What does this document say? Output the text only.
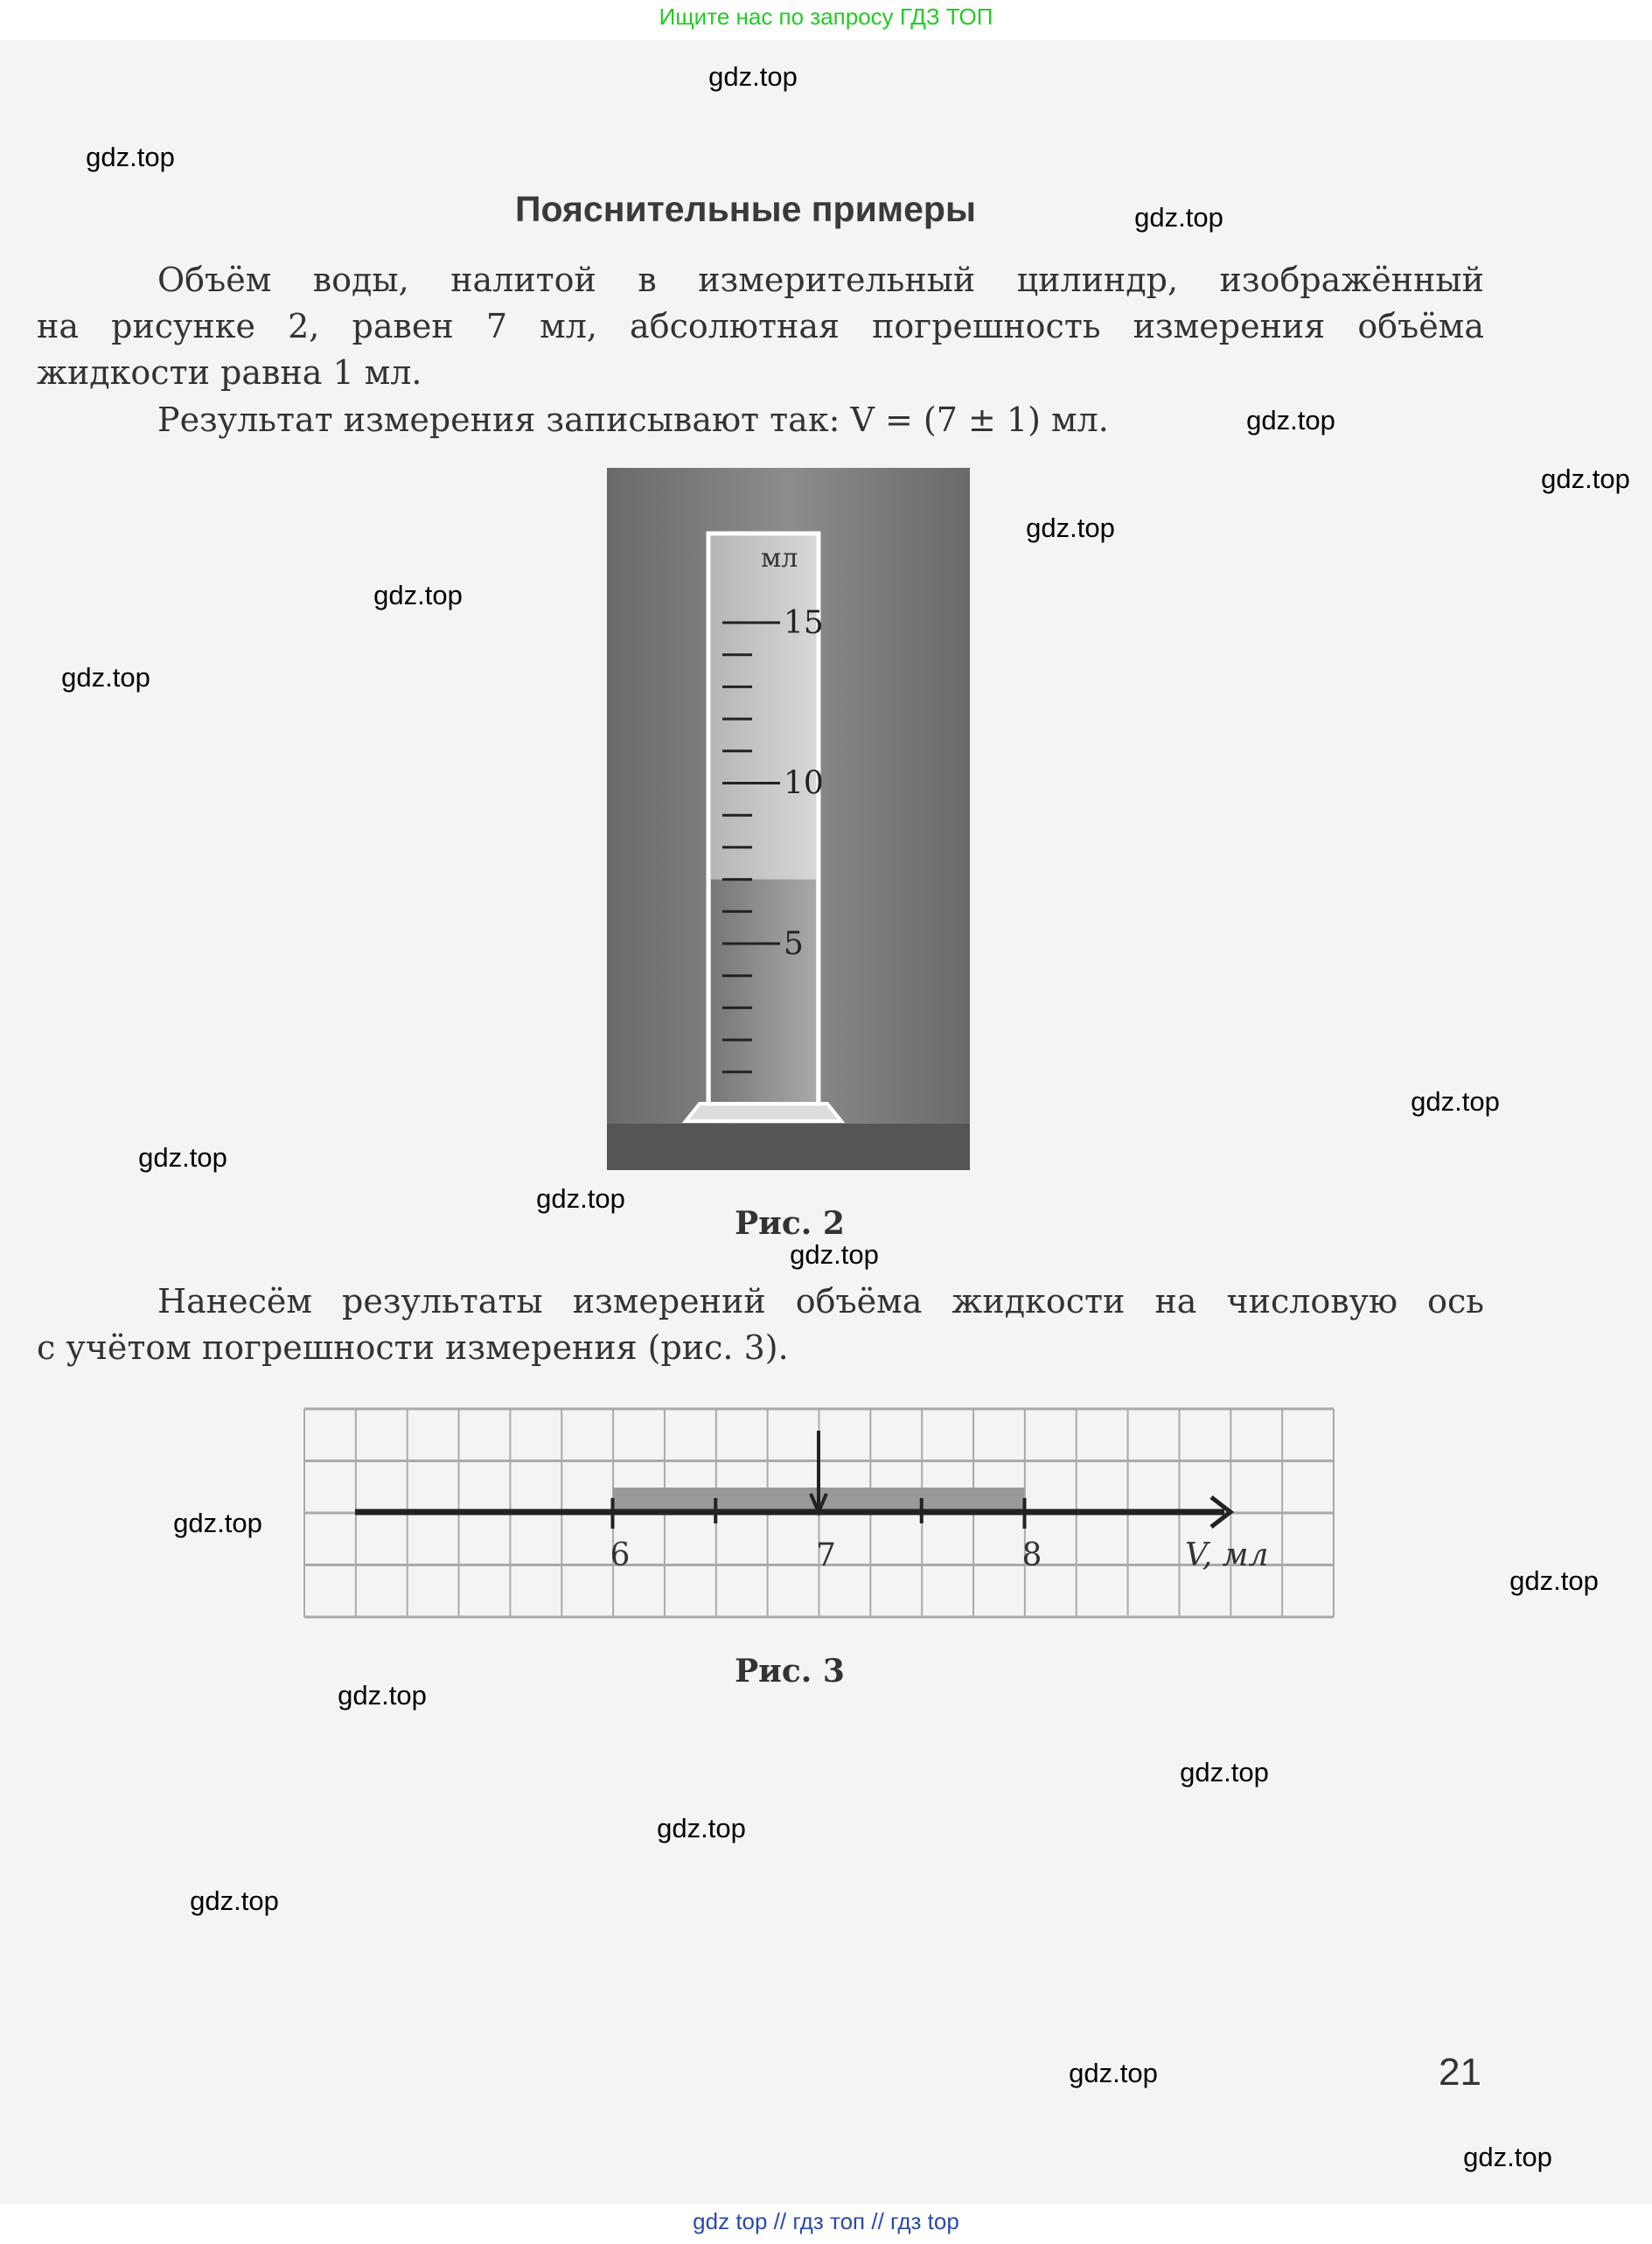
Ищите нас по запросу ГДЗ ТОП
Пояснительные примеры
Объём воды, налитой в измерительный цилиндр, изображённый
на рисунке 2, равен 7 мл, абсолютная погрешность измерения объёма
жидкости равна 1 мл.
Результат измерения записывают так: V = (7 ± 1) мл.
5
10
15
мл
Рис. 2
Нанесём результаты измерений объёма жидкости на числовую ось
с учётом погрешности измерения (рис. 3).
6	7	8	V, мл
Рис. 3
21
gdz top // гдз топ // гдз top
gdz.top
gdz.top
gdz.top
gdz.top
gdz.top
gdz.top
gdz.top
gdz.top
gdz.top
gdz.top
gdz.top
gdz.top
gdz.top
gdz.top
gdz.top
gdz.top
gdz.top
gdz.top
gdz.top
gdz.top
